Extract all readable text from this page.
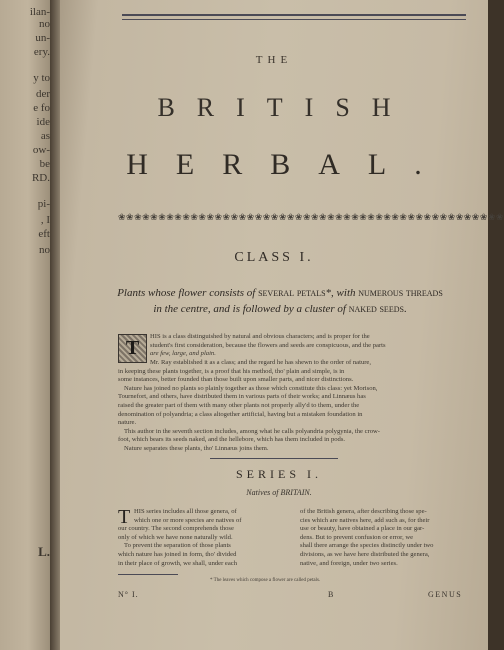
ilan-
no
un-
ery.
y to
der
e fo
ide
as
ow-
be
RD.
pi-
, I
eft
no
L.
THE
BRITISH
HERBAL.
❀❀❀❀❀❀❀❀❀❀❀❀❀❀❀❀❀❀❀❀❀❀❀❀❀❀❀❀❀❀❀❀❀❀❀❀❀❀❀❀❀❀❀❀❀❀❀❀
CLASS I.
Plants whose flower consists of several petals*, with numerous threads
in the centre, and is followed by a cluster of naked seeds.
T
HIS is a class distinguished by natural and obvious characters; and is proper for the
student's first consideration, because the flowers and seeds are conspicuous, and the parts
are few, large, and plain.
Mr. Ray established it as a class; and the regard he has shewn to the order of nature,
in keeping these plants together, is a proof that his method, tho' plain and simple, is in
some instances, better founded than those built upon smaller parts, and nicer distinctions.
Nature has joined no plants so plainly together as those which constitute this class: yet Morison,
Tournefort, and others, have distributed them in various parts of their works; and Linnæus has
raised the greater part of them with many other plants not properly ally'd to them, under the
denomination of polyandria; a class altogether artificial, having but a mistaken foundation in
nature.
This author in the seventh section includes, among what he calls polyandria polygynia, the crow-
foot, which bears its seeds naked, and the hellebore, which has them included in pods.
Nature separates these plants, tho' Linnæus joins them.
SERIES I.
Natives of BRITAIN.
T HIS series includes all those genera, of
which one or more species are natives of
our country. The second comprehends those
only of which we have none naturally wild.
To prevent the separation of those plants
which nature has joined in form, tho' divided
in their place of growth, we shall, under each
of the British genera, after describing those spe-
cies which are natives here, add such as, for their
use or beauty, have obtained a place in our gar-
dens. But to prevent confusion or error, we
shall there arrange the species distinctly under two
divisions, as we have here distributed the genera,
native, and foreign, under two series.
* The leaves which compose a flower are called petals.
N° I.	B	GENUS
